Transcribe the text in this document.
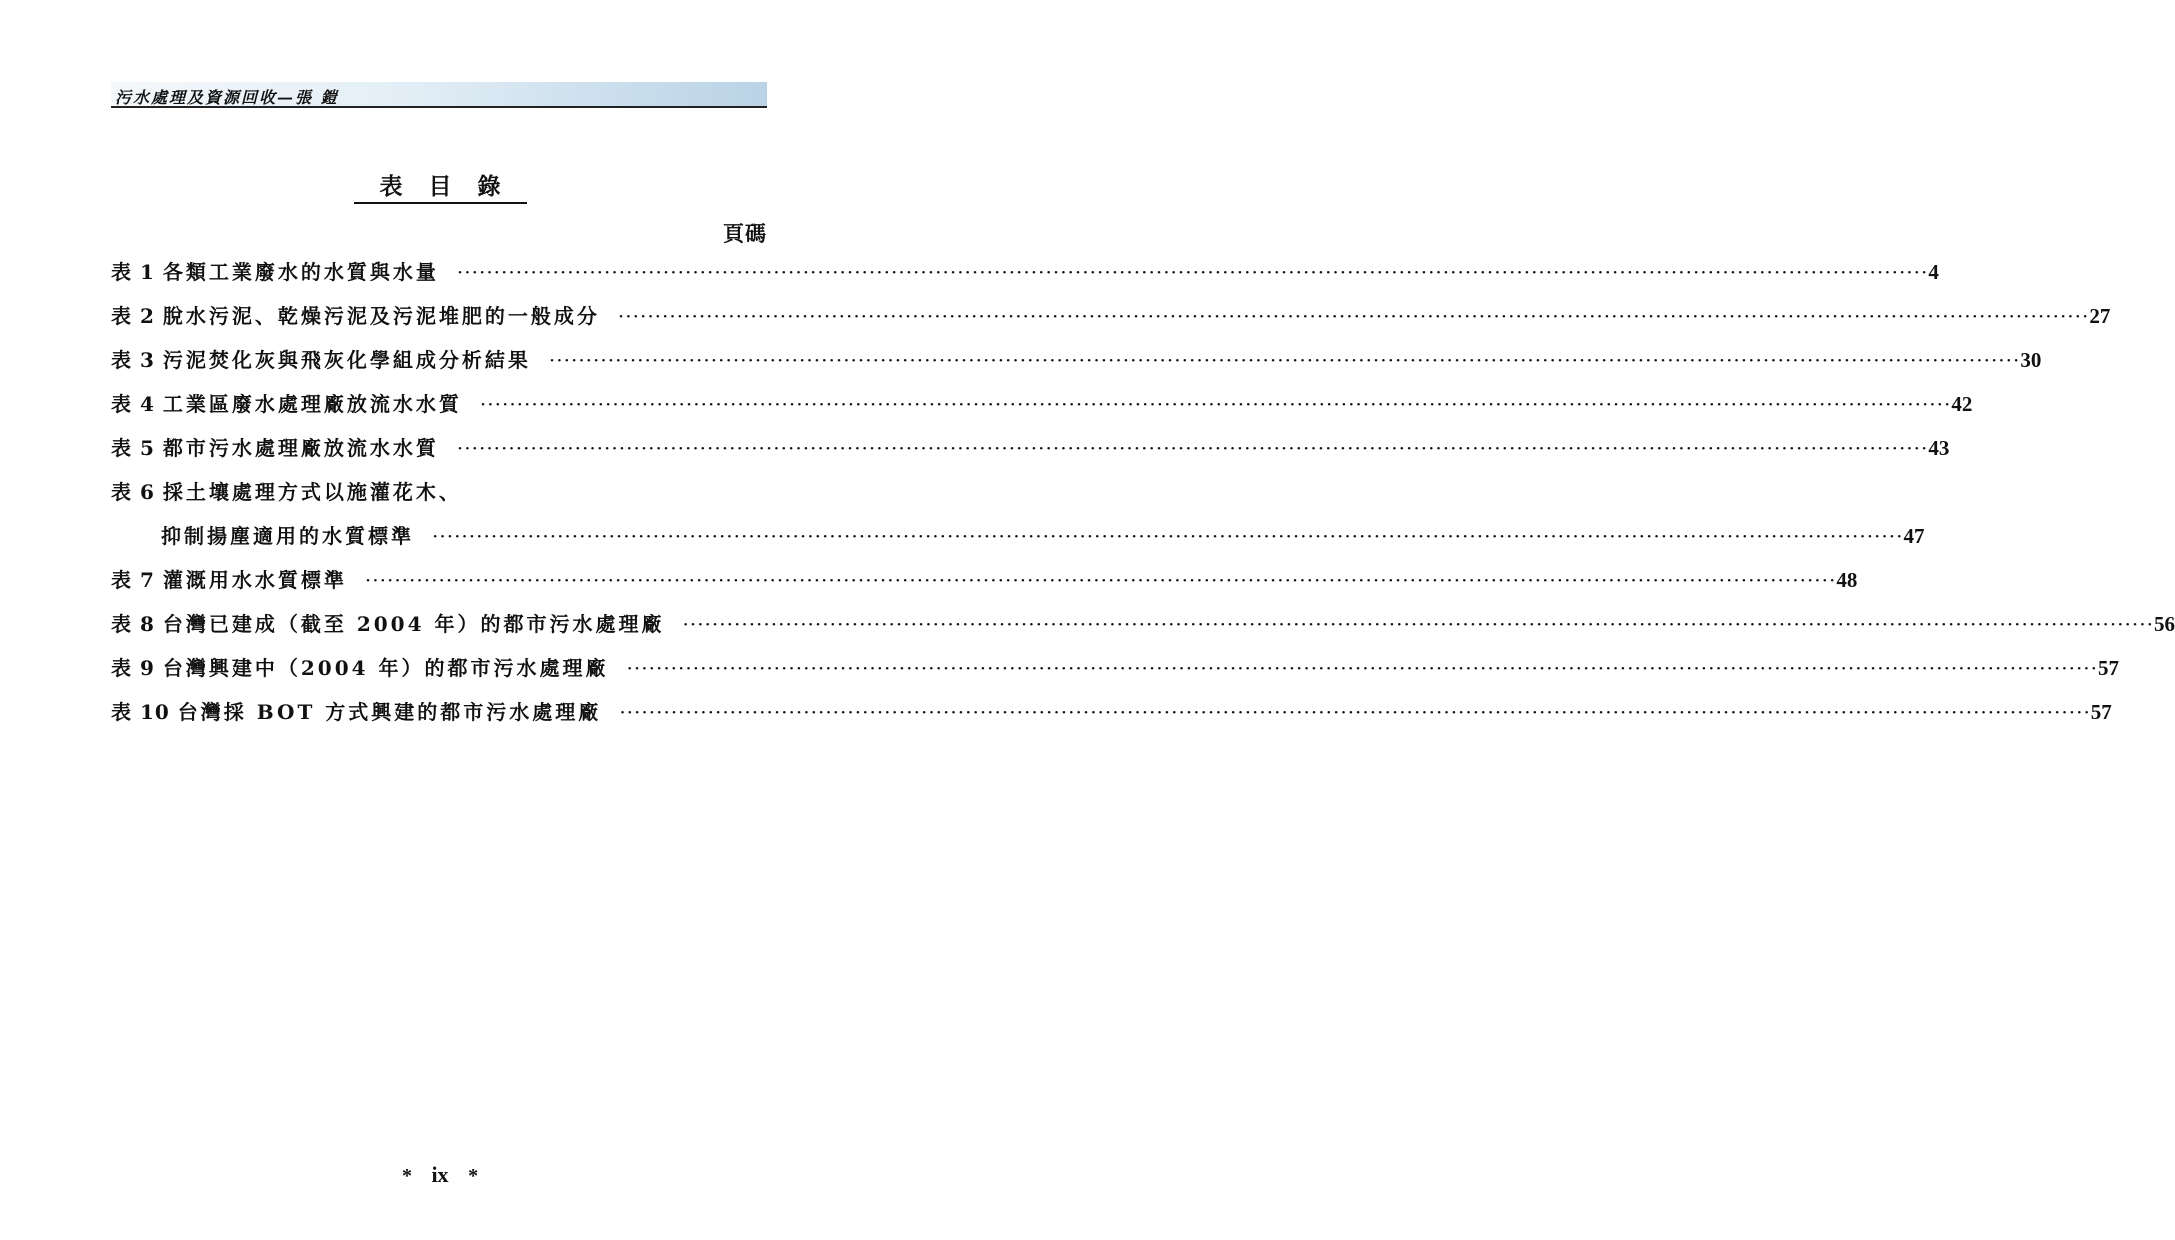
污水處理及資源回收—張 鎧
表目錄
頁碼
表 1 各類工業廢水的水質與水量 ········································································································································································································ 4
表 2 脫水污泥、乾燥污泥及污泥堆肥的一般成分 ········································································································································································································ 27
表 3 污泥焚化灰與飛灰化學組成分析結果 ········································································································································································································ 30
表 4 工業區廢水處理廠放流水水質 ········································································································································································································ 42
表 5 都市污水處理廠放流水水質 ········································································································································································································ 43
表 6 採土壤處理方式以施灌花木、
抑制揚塵適用的水質標準 ········································································································································································································ 47
表 7 灌溉用水水質標準 ········································································································································································································ 48
表 8 台灣已建成（截至 2004 年）的都市污水處理廠 ········································································································································································································ 56
表 9 台灣興建中（2004 年）的都市污水處理廠 ········································································································································································································ 57
表 10 台灣採 BOT 方式興建的都市污水處理廠 ········································································································································································································ 57
* ix *
